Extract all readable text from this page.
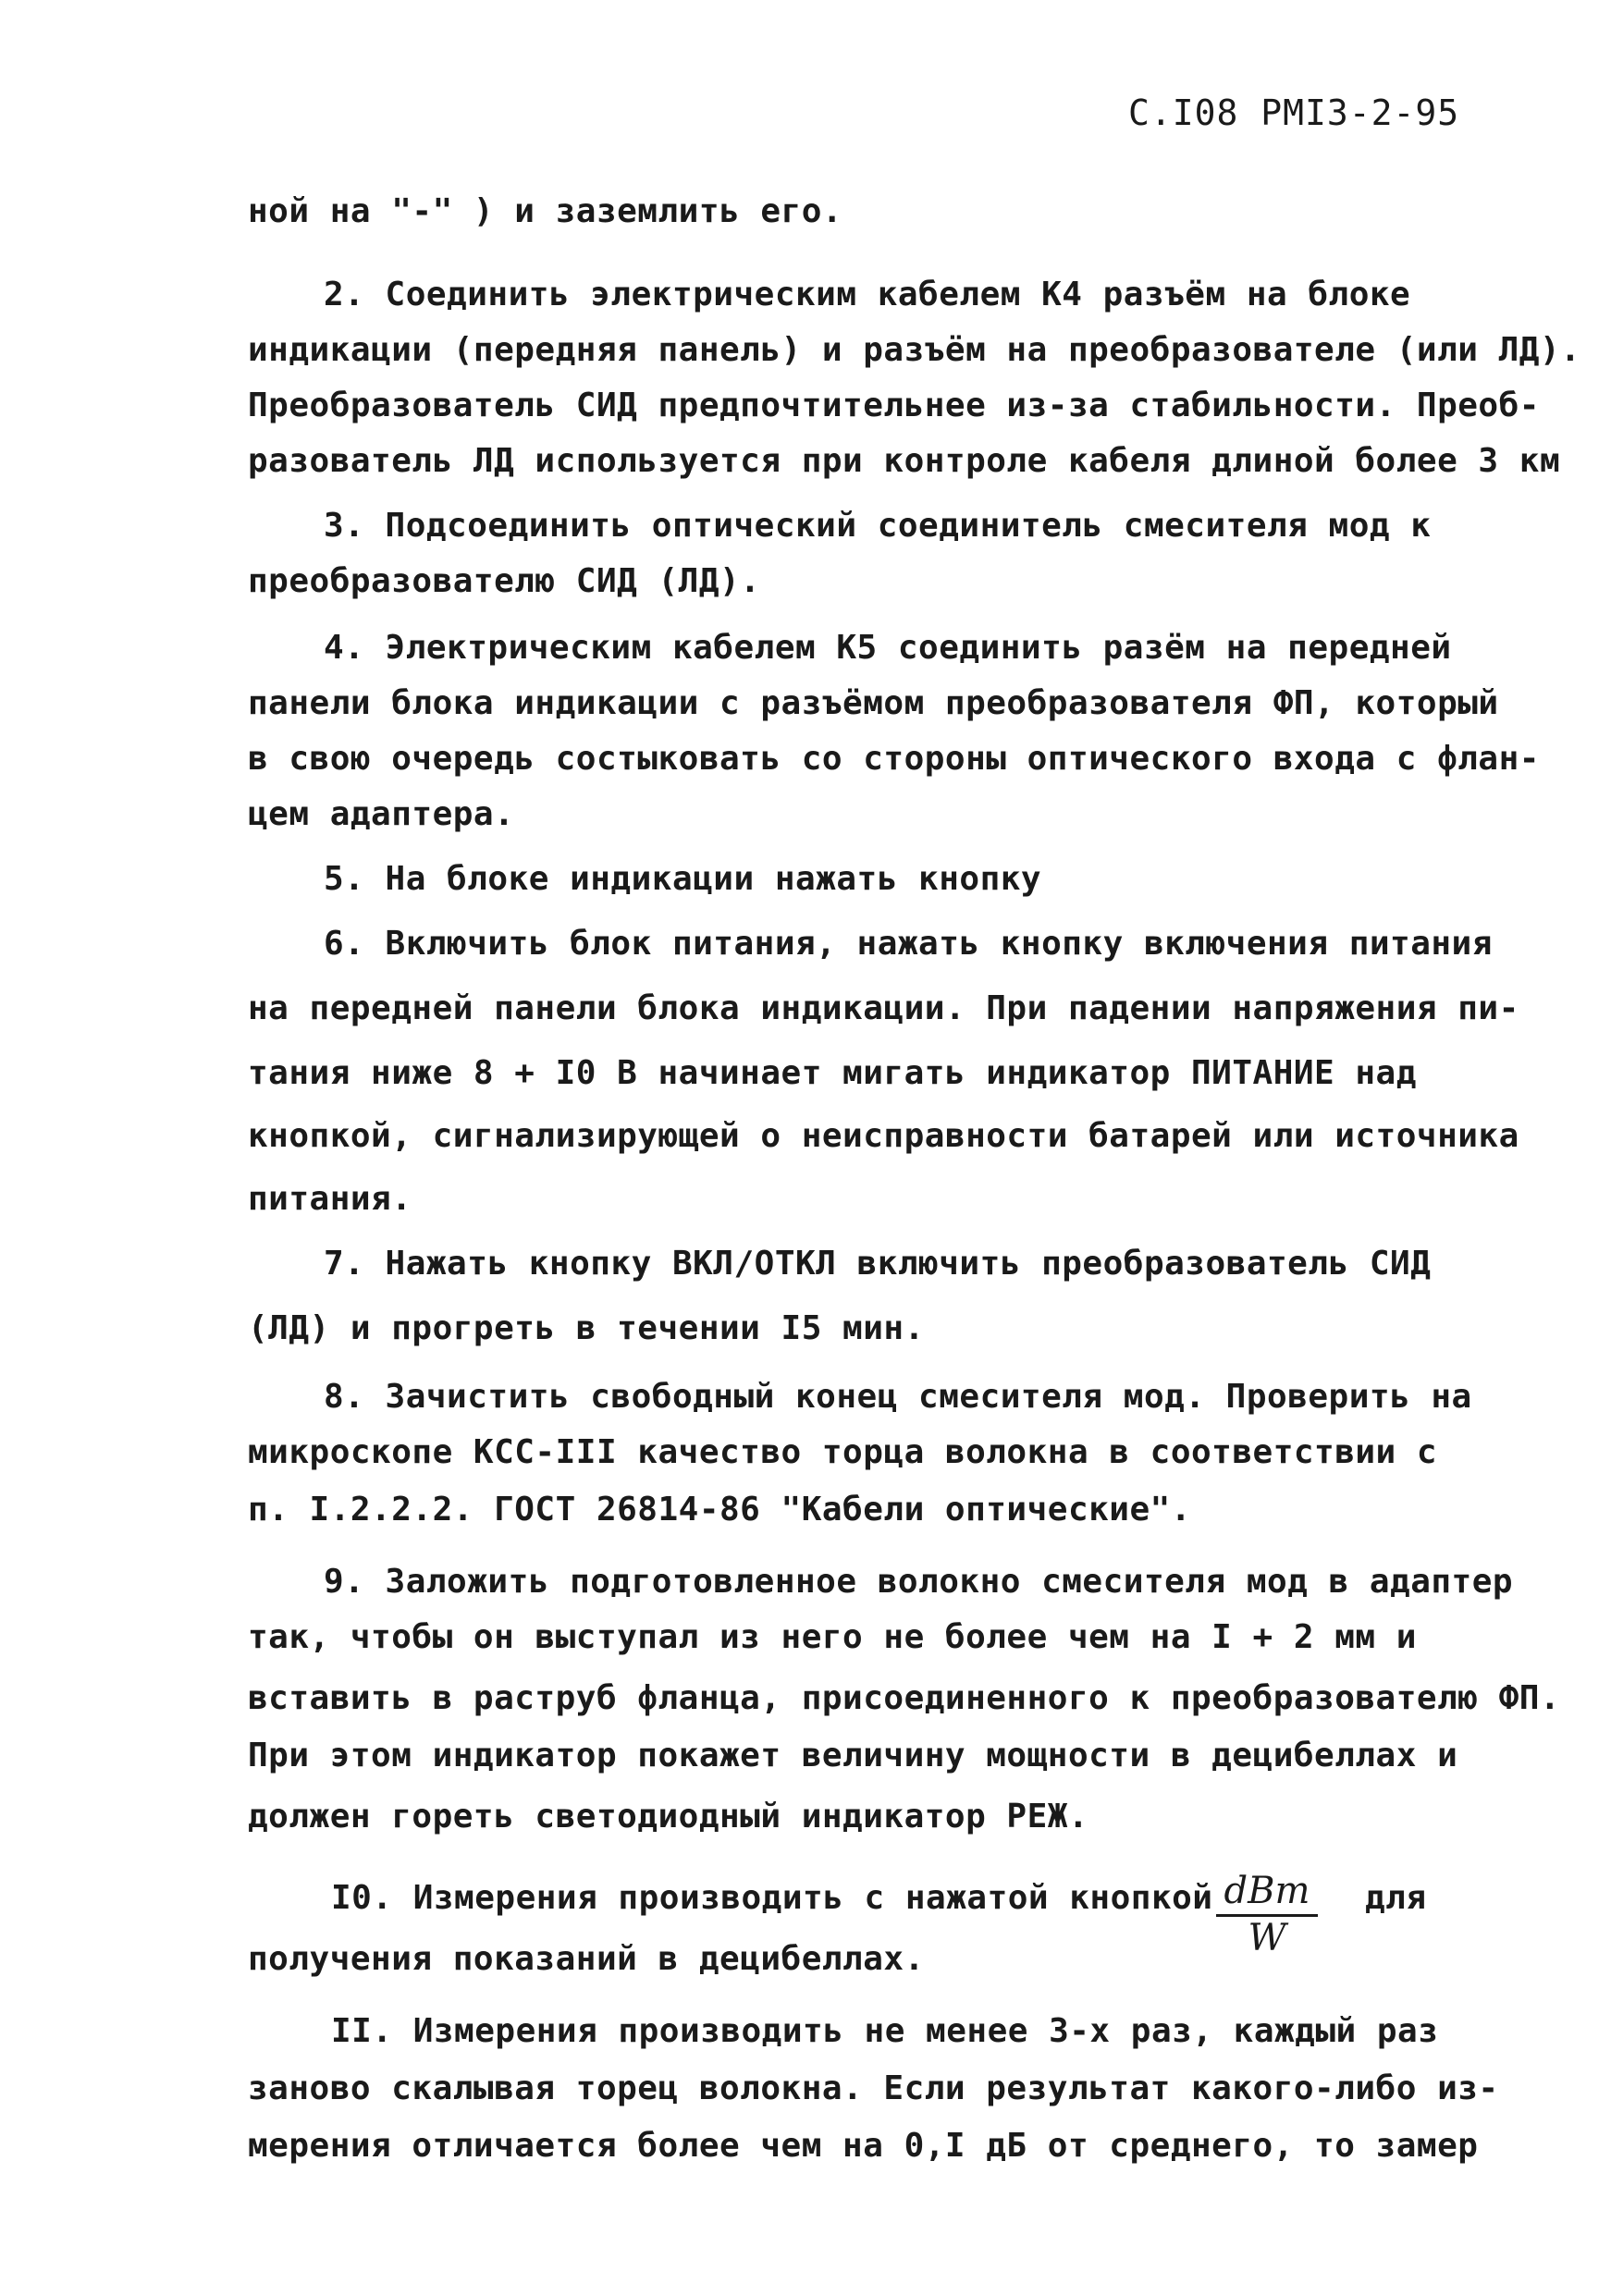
С.I08 РМI3-2-95
ной на "-" ) и заземлить его.
2. Соединить электрическим кабелем К4 разъём на блоке
индикации (передняя панель) и разъём на преобразователе (или ЛД).
Преобразователь СИД предпочтительнее из-за стабильности. Преоб-
разователь ЛД используется при контроле кабеля длиной более 3 км
3. Подсоединить оптический соединитель смесителя мод к
преобразователю СИД (ЛД).
4. Электрическим кабелем К5 соединить разём на передней
панели блока индикации с разъёмом преобразователя ФП, который
в свою очередь состыковать со стороны оптического входа с флан-
цем адаптера.
5. На блоке индикации нажать кнопку
6. Включить блок питания, нажать кнопку включения питания
на передней панели блока индикации. При падении напряжения пи-
тания ниже 8 + I0 В начинает мигать индикатор ПИТАНИЕ над
кнопкой, сигнализирующей о неисправности батарей или источника
питания.
7. Нажать кнопку ВКЛ/ОТКЛ включить преобразователь СИД
(ЛД) и прогреть в течении I5 мин.
8. Зачистить свободный конец смесителя мод. Проверить на
микроскопе КСС-III качество торца волокна в соответствии с
п. I.2.2.2. ГОСТ 26814-86 "Кабели оптические".
9. Заложить подготовленное волокно смесителя мод в адаптер
так, чтобы он выступал из него не более чем на I + 2 мм и
вставить в раструб фланца, присоединенного к преобразователю ФП.
При этом индикатор покажет величину мощности в децибеллах и
должен гореть светодиодный индикатор РЕЖ.
I0. Измерения производить с нажатой кнопкой dBm
W
для
получения показаний в децибеллах.
II. Измерения производить не менее 3-х раз, каждый раз
заново скалывая торец волокна. Если результат какого-либо из-
мерения отличается более чем на 0,I дБ от среднего, то замер
